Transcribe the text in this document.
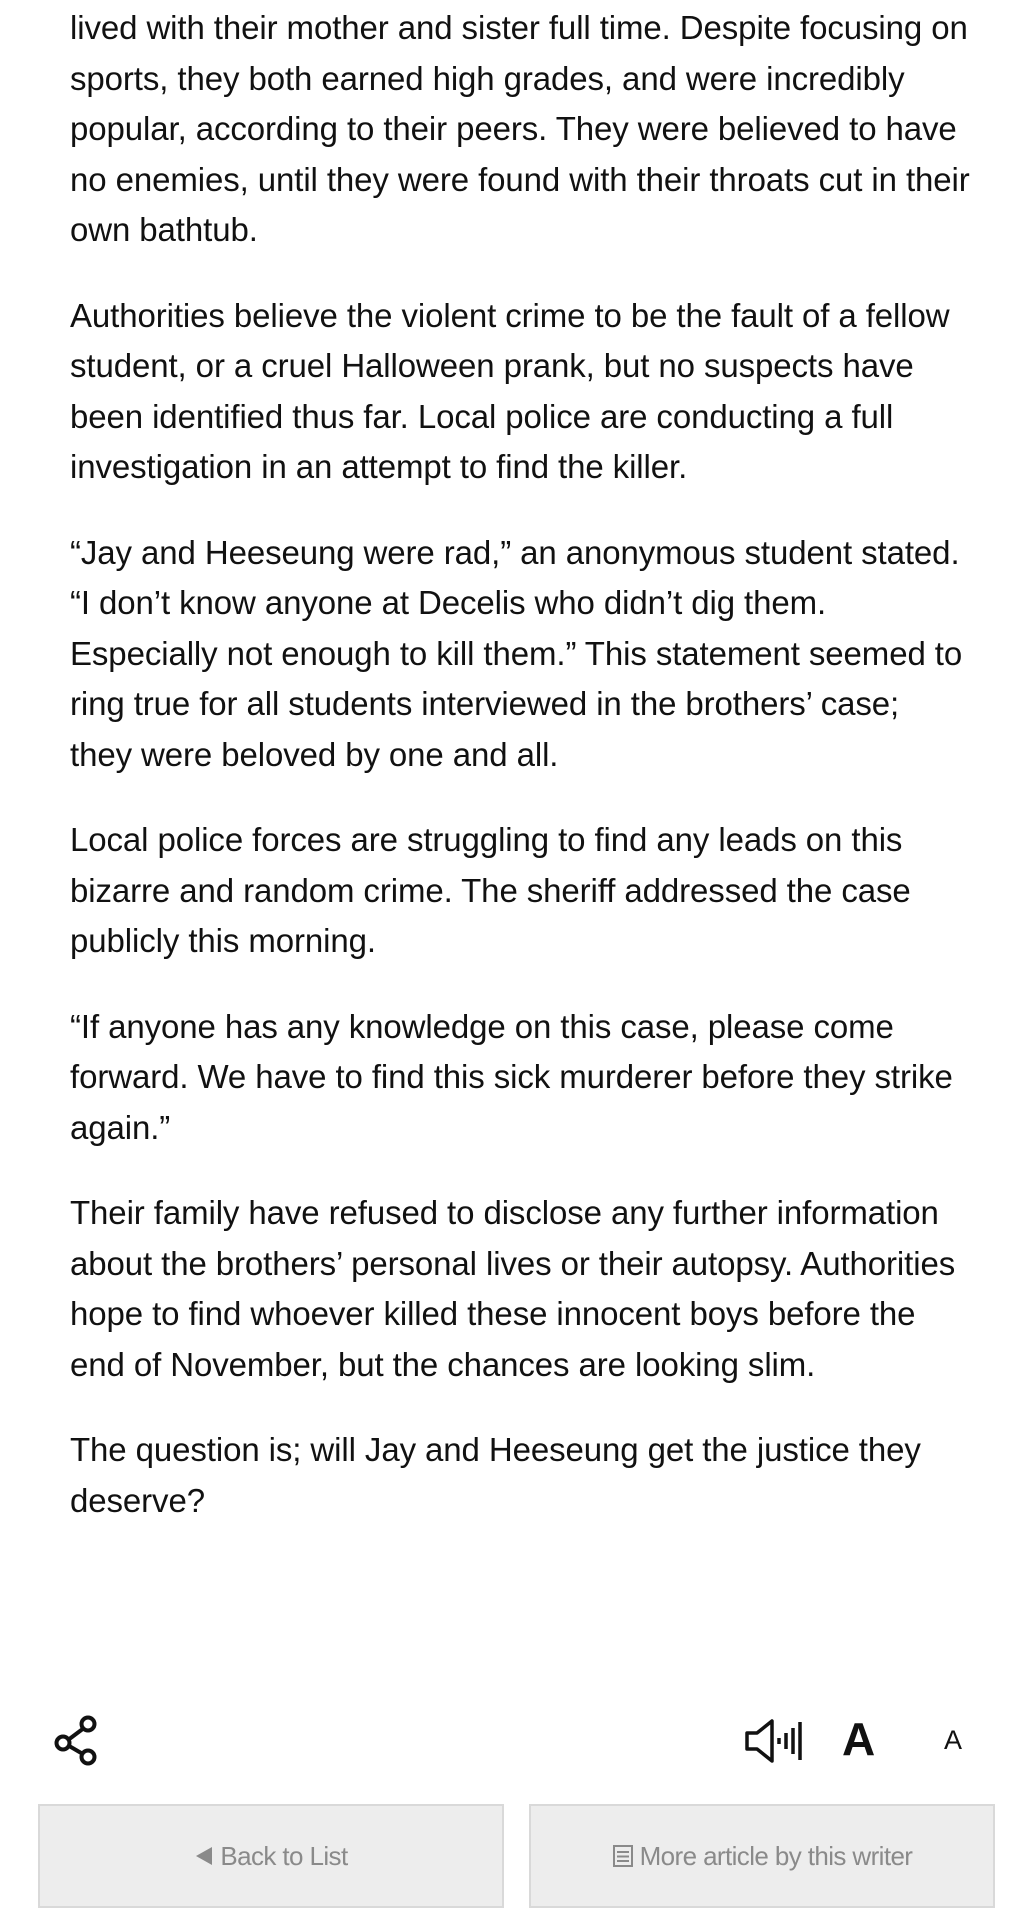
lived with their mother and sister full time. Despite focusing on sports, they both earned high grades, and were incredibly popular, according to their peers. They were believed to have no enemies, until they were found with their throats cut in their own bathtub.

Authorities believe the violent crime to be the fault of a fellow student, or a cruel Halloween prank, but no suspects have been identified thus far. Local police are conducting a full investigation in an attempt to find the killer.

“Jay and Heeseung were rad,” an anonymous student stated. “I don’t know anyone at Decelis who didn’t dig them. Especially not enough to kill them.” This statement seemed to ring true for all students interviewed in the brothers’ case; they were beloved by one and all.

Local police forces are struggling to find any leads on this bizarre and random crime. The sheriff addressed the case publicly this morning.

“If anyone has any knowledge on this case, please come forward. We have to find this sick murderer before they strike again.”

Their family have refused to disclose any further information about the brothers’ personal lives or their autopsy. Authorities hope to find whoever killed these innocent boys before the end of November, but the chances are looking slim.

The question is; will Jay and Heeseung get the justice they deserve?

A	A
Back to List	More article by this writer
